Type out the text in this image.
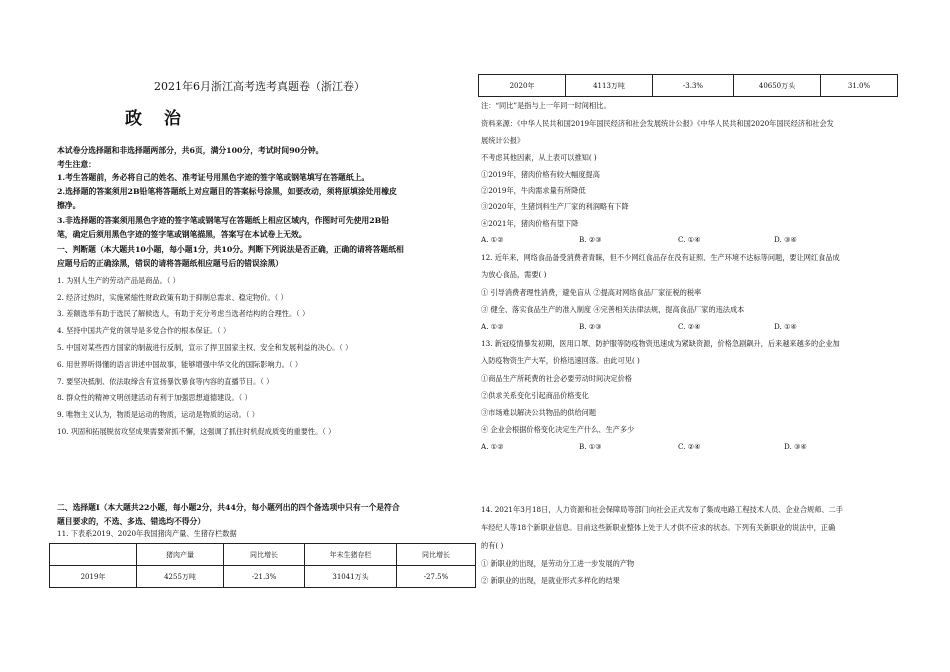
2021年6月浙江高考选考真题卷（浙江卷）

政 治

本试卷分选择题和非选择题两部分，共6页，满分100分，考试时间90分钟。

考生注意：

1.考生答题前，务必将自己的姓名、准考证号用黑色字迹的签字笔或钢笔填写在答题纸上。

2.选择题的答案须用2B铅笔将答题纸上对应题目的答案标号涂黑，如要改动，须将原填涂处用橡皮

擦净。

3.非选择题的答案须用黑色字迹的签字笔或钢笔写在答题纸上相应区域内，作图时可先使用2B铅

笔，确定后须用黑色字迹的签字笔或钢笔描黑，答案写在本试卷上无效。

一、判断题（本大题共10小题，每小题1分，共10分。判断下列说法是否正确，正确的请将答题纸相

应题号后的正确涂黑，错误的请将答题纸相应题号后的错误涂黑）

1. 为别人生产的劳动产品是商品。（ ）

2. 经济过热时，实施紧缩性财政政策有助于抑制总需求、稳定物价。（ ）

3. 差额选举有助于选民了解候选人，有助于充分考虑当选者结构的合理性。（ ）

4. 坚持中国共产党的领导是多党合作的根本保证。（ ）

5. 中国对某些西方国家的制裁进行反制，宣示了捍卫国家主权、安全和发展利益的决心。（ ）

6. 用世界听得懂的语言讲述中国故事，能够增强中华文化的国际影响力。（ ）

7. 要坚决抵制、依法取缔含有宣扬暴饮暴食等内容的直播节目。（ ）

8. 群众性的精神文明创建活动有利于加强思想道德建设。（ ）

9. 唯物主义认为，物质是运动的物质，运动是物质的运动。（ ）

10. 巩固和拓展脱贫攻坚成果需要常抓不懈，这强调了抓住时机促成质变的重要性。（ ）

二、选择题Ⅰ（本大题共22小题，每小题2分，共44分，每小题列出的四个备选项中只有一个是符合

题目要求的，不选、多选、错选均不得分）

11. 下表系2019、2020年我国猪肉产量、生猪存栏数据

	猪肉产量	同比增长	年末生猪存栏	同比增长
2019年	4255万吨	-21.3%	31041万头	-27.5%
2020年	4113万吨	-3.3%	40650万头	31.0%

注：“同比”是指与上一年同一时间相比。

资料来源：《中华人民共和国2019年国民经济和社会发展统计公报》《中华人民共和国2020年国民经济和社会发

展统计公报》

不考虑其他因素，从上表可以推知( )

①2019年，猪肉价格有较大幅度提高

②2019年，牛肉需求量有所降低

③2020年，生猪饲料生产厂家的利润略有下降

④2021年，猪肉价格有望下降

A. ①②	B. ②③	C. ①④	D. ③④

12. 近年来，网络食品备受消费者青睐，但不少网红食品存在没有证照、生产环境不达标等问题，要让网红食品成

为放心食品，需要( )

① 引导消费者理性消费，避免盲从 ②提高对网络食品厂家征税的税率

③ 健全、落实食品生产的准入制度 ④完善相关法律法规，提高食品厂家的违法成本

A. ①②	B. ②③	C. ②④	D. ①④

13. 新冠疫情暴发初期，医用口罩、防护服等防疫物资迅速成为紧缺资源，价格急剧飙升，后来越来越多的企业加

入防疫物资生产大军，价格迅速回落。由此可见( )

①商品生产所耗费的社会必要劳动时间决定价格

②供求关系变化引起商品价格变化

③市场难以解决公共物品的供给问题

④ 企业会根据价格变化决定生产什么、生产多少

A. ①②	B. ①③	C. ②④	D. ③④

14. 2021年3月18日，人力资源和社会保障局等部门向社会正式发布了集成电路工程技术人员、企业合规师、二手

车经纪人等18个新职业信息。目前这些新职业整体上处于人才供不应求的状态。下列有关新职业的说法中，正确

的有( )

① 新职业的出现，是劳动分工进一步发展的产物

② 新职业的出现，是就业形式多样化的结果
